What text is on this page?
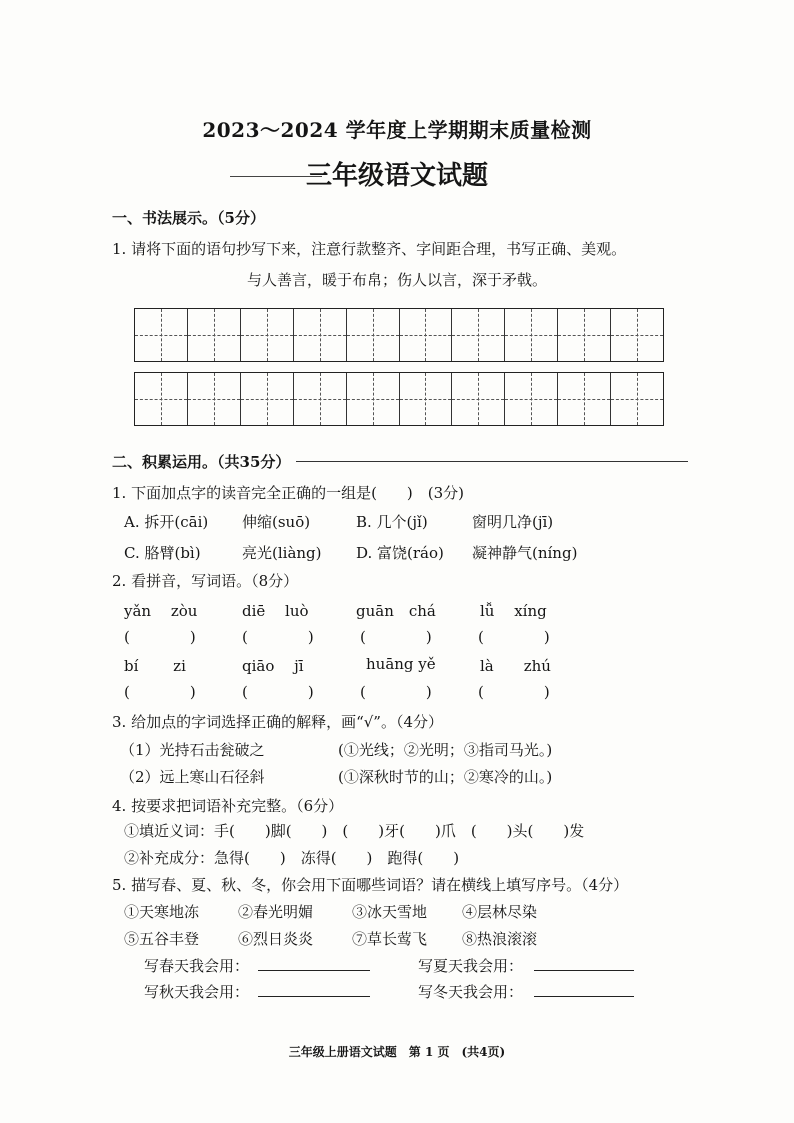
2023～2024 学年度上学期期末质量检测
三年级语文试题
一、书法展示。（5分）
1. 请将下面的语句抄写下来，注意行款整齐、字间距合理，书写正确、美观。
与人善言，暖于布帛；伤人以言，深于矛戟。
二、积累运用。（共35分）
1. 下面加点字的读音完全正确的一组是(　　)　(3分)
A. 拆开(cāi) 伸缩(suō)	B. 几个(jǐ)	窗明几净(jī)
C. 胳臂(bì)	亮光(liàng) D. 富饶(ráo) 凝神静气(níng)
2. 看拼音，写词语。（8分）
yǎn　 zòu	diē　 luò	guān　chá	lǚ　 xíng
(　　　　)	(　　　　)	(　　　　)	(　　　　)
bí　　 zi	qiāo　 jī	huāng yě	là　　zhú
(　　　　)	(　　　　)	(　　　　)	(　　　　)
3. 给加点的字词选择正确的解释，画“√”。（4分）
（1）光持石击瓮破之	(①光线；②光明；③指司马光。)
（2）远上寒山石径斜	(①深秋时节的山；②寒冷的山。)
4. 按要求把词语补充完整。（6分）
①填近义词：手(　　)脚(　　)　(　　)牙(　　)爪　(　　)头(　　)发
②补充成分：急得(　　)　冻得(　　)　跑得(　　)
5. 描写春、夏、秋、冬，你会用下面哪些词语？请在横线上填写序号。（4分）
①天寒地冻	②春光明媚	③冰天雪地 ④层林尽染
⑤五谷丰登	⑥烈日炎炎	⑦草长莺飞 ⑧热浪滚滚
写春天我会用：	写夏天我会用：
写秋天我会用：	写冬天我会用：
三年级上册语文试题　第 1 页　(共4页)
